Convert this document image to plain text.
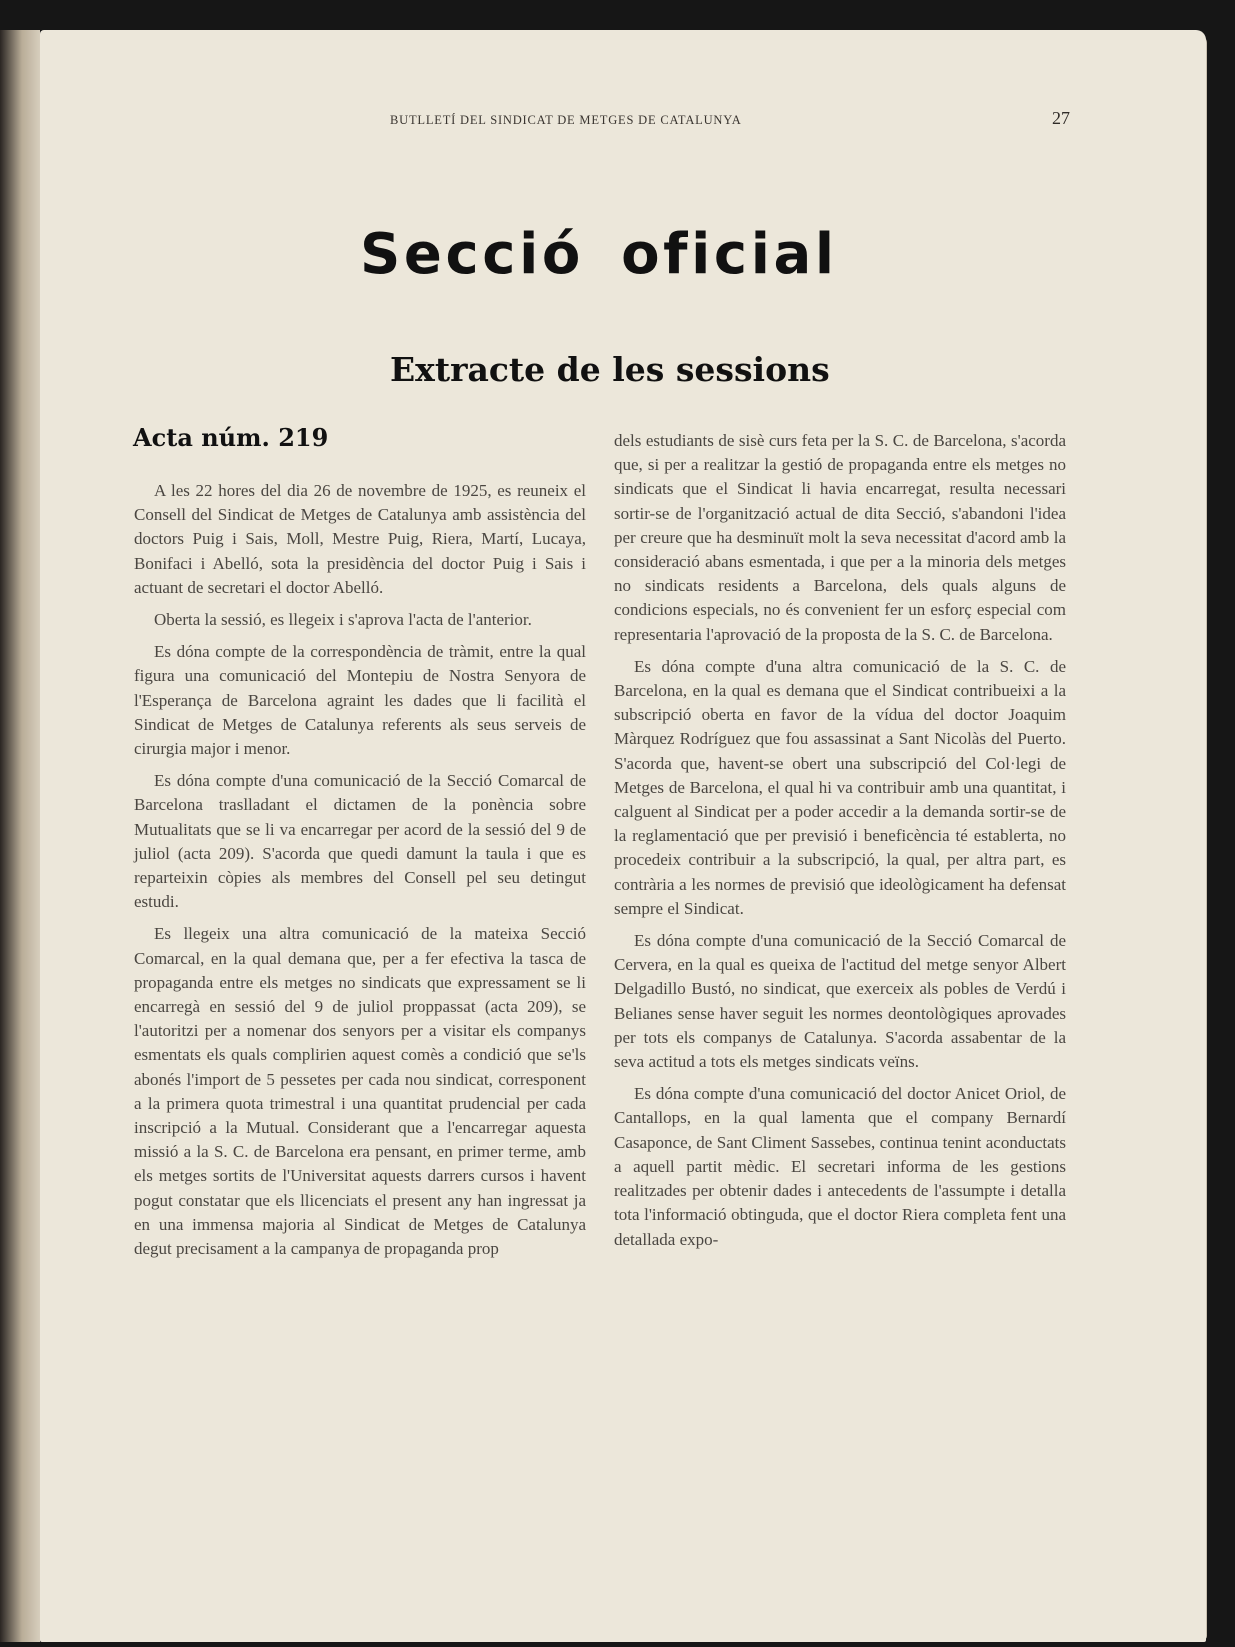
BUTLLETÍ DEL SINDICAT DE METGES DE CATALUNYA	27
Secció oficial
Extracte de les sessions
Acta núm. 219

A les 22 hores del dia 26 de novembre de 1925, es reuneix el Consell del Sindicat de Metges de Catalunya amb assistència del doctors Puig i Sais, Moll, Mestre Puig, Riera, Martí, Lucaya, Bonifaci i Abelló, sota la presidència del doctor Puig i Sais i actuant de secretari el doctor Abelló.

Oberta la sessió, es llegeix i s'aprova l'acta de l'anterior.

Es dóna compte de la correspondència de tràmit, entre la qual figura una comunicació del Montepiu de Nostra Senyora de l'Esperança de Barcelona agraint les dades que li facilità el Sindicat de Metges de Catalunya referents als seus serveis de cirurgia major i menor.

Es dóna compte d'una comunicació de la Secció Comarcal de Barcelona traslladant el dictamen de la ponència sobre Mutualitats que se li va encarregar per acord de la sessió del 9 de juliol (acta 209). S'acorda que quedi damunt la taula i que es reparteixin còpies als membres del Consell pel seu detingut estudi.

Es llegeix una altra comunicació de la mateixa Secció Comarcal, en la qual demana que, per a fer efectiva la tasca de propaganda entre els metges no sindicats que expressament se li encarregà en sessió del 9 de juliol proppassat (acta 209), se l'autoritzi per a nomenar dos senyors per a visitar els companys esmentats els quals complirien aquest comès a condició que se'ls abonés l'import de 5 pessetes per cada nou sindicat, corresponent a la primera quota trimestral i una quantitat prudencial per cada inscripció a la Mutual. Considerant que a l'encarregar aquesta missió a la S. C. de Barcelona era pensant, en primer terme, amb els metges sortits de l'Universitat aquests darrers cursos i havent pogut constatar que els llicenciats el present any han ingressat ja en una immensa majoria al Sindicat de Metges de Catalunya degut precisament a la campanya de propaganda prop

dels estudiants de sisè curs feta per la S. C. de Barcelona, s'acorda que, si per a realitzar la gestió de propaganda entre els metges no sindicats que el Sindicat li havia encarregat, resulta necessari sortir-se de l'organització actual de dita Secció, s'abandoni l'idea per creure que ha desminuït molt la seva necessitat d'acord amb la consideració abans esmentada, i que per a la minoria dels metges no sindicats residents a Barcelona, dels quals alguns de condicions especials, no és convenient fer un esforç especial com representaria l'aprovació de la proposta de la S. C. de Barcelona.

Es dóna compte d'una altra comunicació de la S. C. de Barcelona, en la qual es demana que el Sindicat contribueixi a la subscripció oberta en favor de la vídua del doctor Joaquim Màrquez Rodríguez que fou assassinat a Sant Nicolàs del Puerto. S'acorda que, havent-se obert una subscripció del Col·legi de Metges de Barcelona, el qual hi va contribuir amb una quantitat, i calguent al Sindicat per a poder accedir a la demanda sortir-se de la reglamentació que per previsió i beneficència té establerta, no procedeix contribuir a la subscripció, la qual, per altra part, es contrària a les normes de previsió que ideològicament ha defensat sempre el Sindicat.

Es dóna compte d'una comunicació de la Secció Comarcal de Cervera, en la qual es queixa de l'actitud del metge senyor Albert Delgadillo Bustó, no sindicat, que exerceix als pobles de Verdú i Belianes sense haver seguit les normes deontològiques aprovades per tots els companys de Catalunya. S'acorda assabentar de la seva actitud a tots els metges sindicats veïns.

Es dóna compte d'una comunicació del doctor Anicet Oriol, de Cantallops, en la qual lamenta que el company Bernardí Casaponce, de Sant Climent Sassebes, continua tenint aconductats a aquell partit mèdic. El secretari informa de les gestions realitzades per obtenir dades i antecedents de l'assumpte i detalla tota l'informació obtinguda, que el doctor Riera completa fent una detallada expo-
